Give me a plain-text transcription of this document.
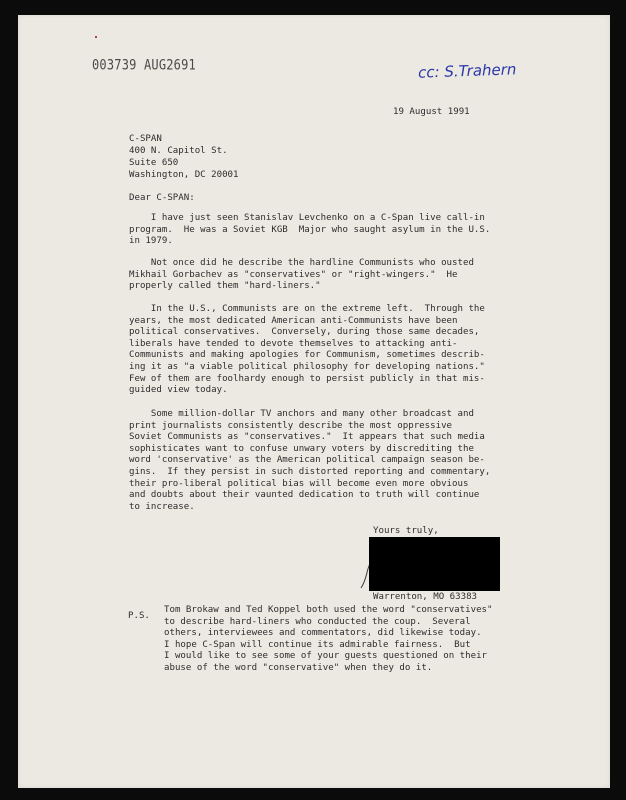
003739 AUG2691	cc: S.Trahern
19 August 1991
C-SPAN
400 N. Capitol St.
Suite 650
Washington, DC 20001
Dear C-SPAN:
I have just seen Stanislav Levchenko on a C-Span live call-in
program.  He was a Soviet KGB  Major who saught asylum in the U.S.
in 1979.
Not once did he describe the hardline Communists who ousted
Mikhail Gorbachev as "conservatives" or "right-wingers."  He
properly called them "hard-liners."
In the U.S., Communists are on the extreme left.  Through the
years, the most dedicated American anti-Communists have been
political conservatives.  Conversely, during those same decades,
liberals have tended to devote themselves to attacking anti-
Communists and making apologies for Communism, sometimes describ-
ing it as "a viable political philosophy for developing nations."
Few of them are foolhardy enough to persist publicly in that mis-
guided view today.
Some million-dollar TV anchors and many other broadcast and
print journalists consistently describe the most oppressive
Soviet Communists as "conservatives."  It appears that such media
sophisticates want to confuse unwary voters by discrediting the
word 'conservative' as the American political campaign season be-
gins.  If they persist in such distorted reporting and commentary,
their pro-liberal political bias will become even more obvious
and doubts about their vaunted dedication to truth will continue
to increase.
Yours truly,
Warrenton, MO 63383
P.S.
Tom Brokaw and Ted Koppel both used the word "conservatives"
to describe hard-liners who conducted the coup.  Several
others, interviewees and commentators, did likewise today.
I hope C-Span will continue its admirable fairness.  But
I would like to see some of your guests questioned on their
abuse of the word "conservative" when they do it.
